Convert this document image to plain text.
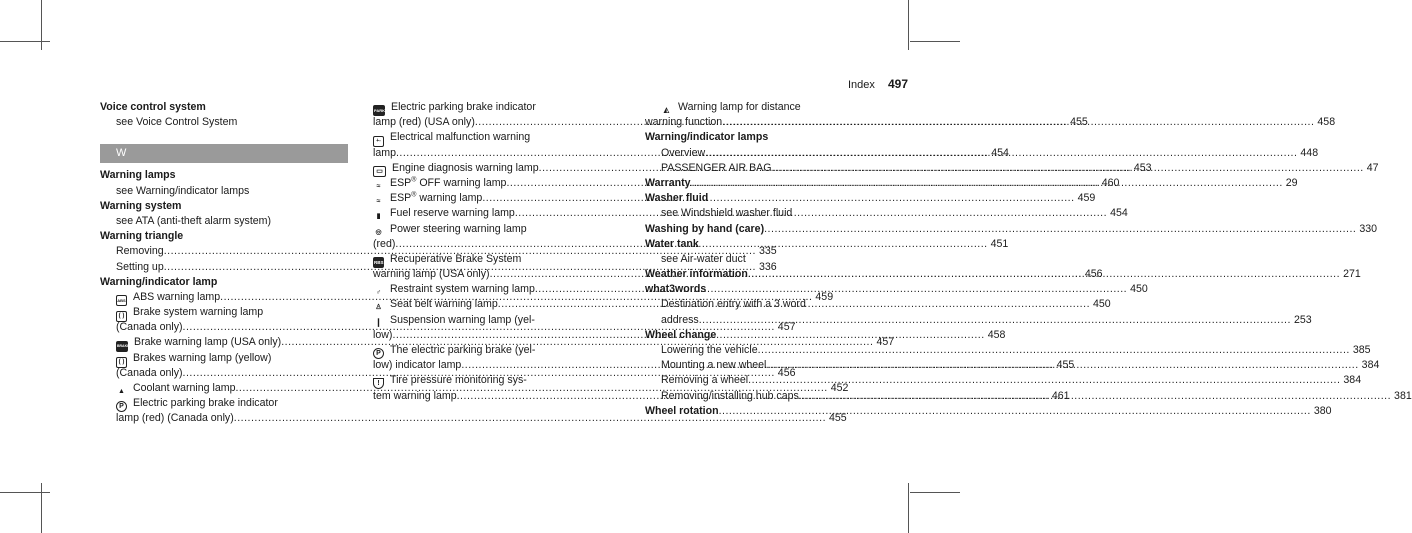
Index 497
Voice control system
see Voice Control System
W
Warning lamps
see Warning/indicator lamps
Warning system
see ATA (anti-theft alarm system)
Warning triangle
Removing .....	335
Setting up .....	336
Warning/indicator lamp
ABS ABS warning lamp .....	459
( ) Brake system warning lamp
(Canada only) .....	457
BRAKE Brake warning lamp (USA only) .....	457
( ) Brakes warning lamp (yellow)
(Canada only) .....	456
▲ Coolant warning lamp .....	452
P Electric parking brake indicator
lamp (red) (Canada only) .....	455
PARK Electric parking brake indicator
lamp (red) (USA only) .....	455
+- Electrical malfunction warning
lamp .....	454
▭ Engine diagnosis warning lamp .....	453
≈ ESP® OFF warning lamp .....	460
≈ ESP® warning lamp .....	459
▮ Fuel reserve warning lamp .....	454
◎ Power steering warning lamp
(red) .....	451
RBS Recuperative Brake System
warning lamp (USA only) .....	456
♂ Restraint system warning lamp .....	450
♙ Seat belt warning lamp .....	450
┃ Suspension warning lamp (yel-
low) .....	458
P The electric parking brake (yel-
low) indicator lamp .....	455
! Tire pressure monitoring sys-
tem warning lamp .....	461
◭ Warning lamp for distance
warning function .....	458
Warning/indicator lamps
Overview .....	448
PASSENGER AIR BAG .....	47
Warranty .....	29
Washer fluid
see Windshield washer fluid
Washing by hand (care) .....	330
Water tank
see Air-water duct
Weather information .....	271
what3words
Destination entry with a 3 word
address .....	253
Wheel change
Lowering the vehicle .....	385
Mounting a new wheel .....	384
Removing a wheel .....	384
Removing/installing hub caps .....	381
Wheel rotation .....	380
